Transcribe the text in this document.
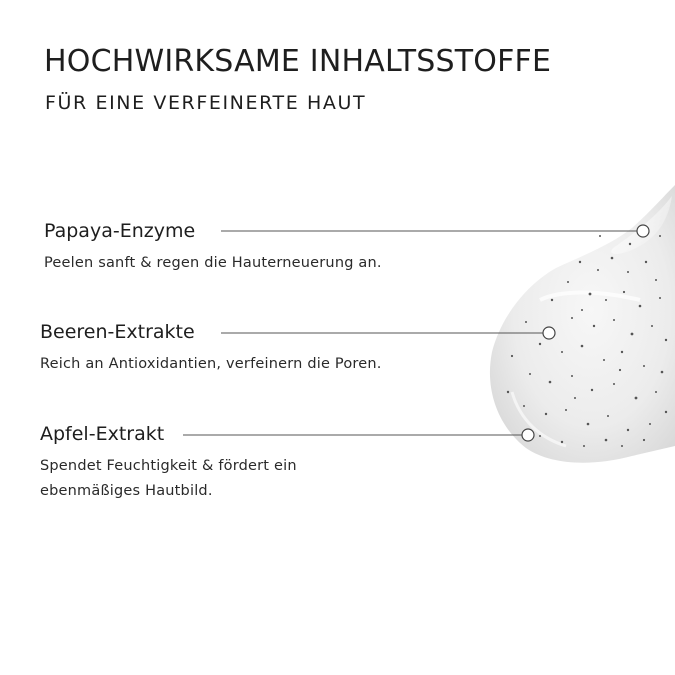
HOCHWIRKSAME INHALTSSTOFFE
FÜR EINE VERFEINERTE HAUT
Papaya-Enzyme
Peelen sanft & regen die Hauterneuerung an.
Beeren-Extrakte
Reich an Antioxidantien, verfeinern die Poren.
Apfel-Extrakt
Spendet Feuchtigkeit & fördert ein
ebenmäßiges Hautbild.
